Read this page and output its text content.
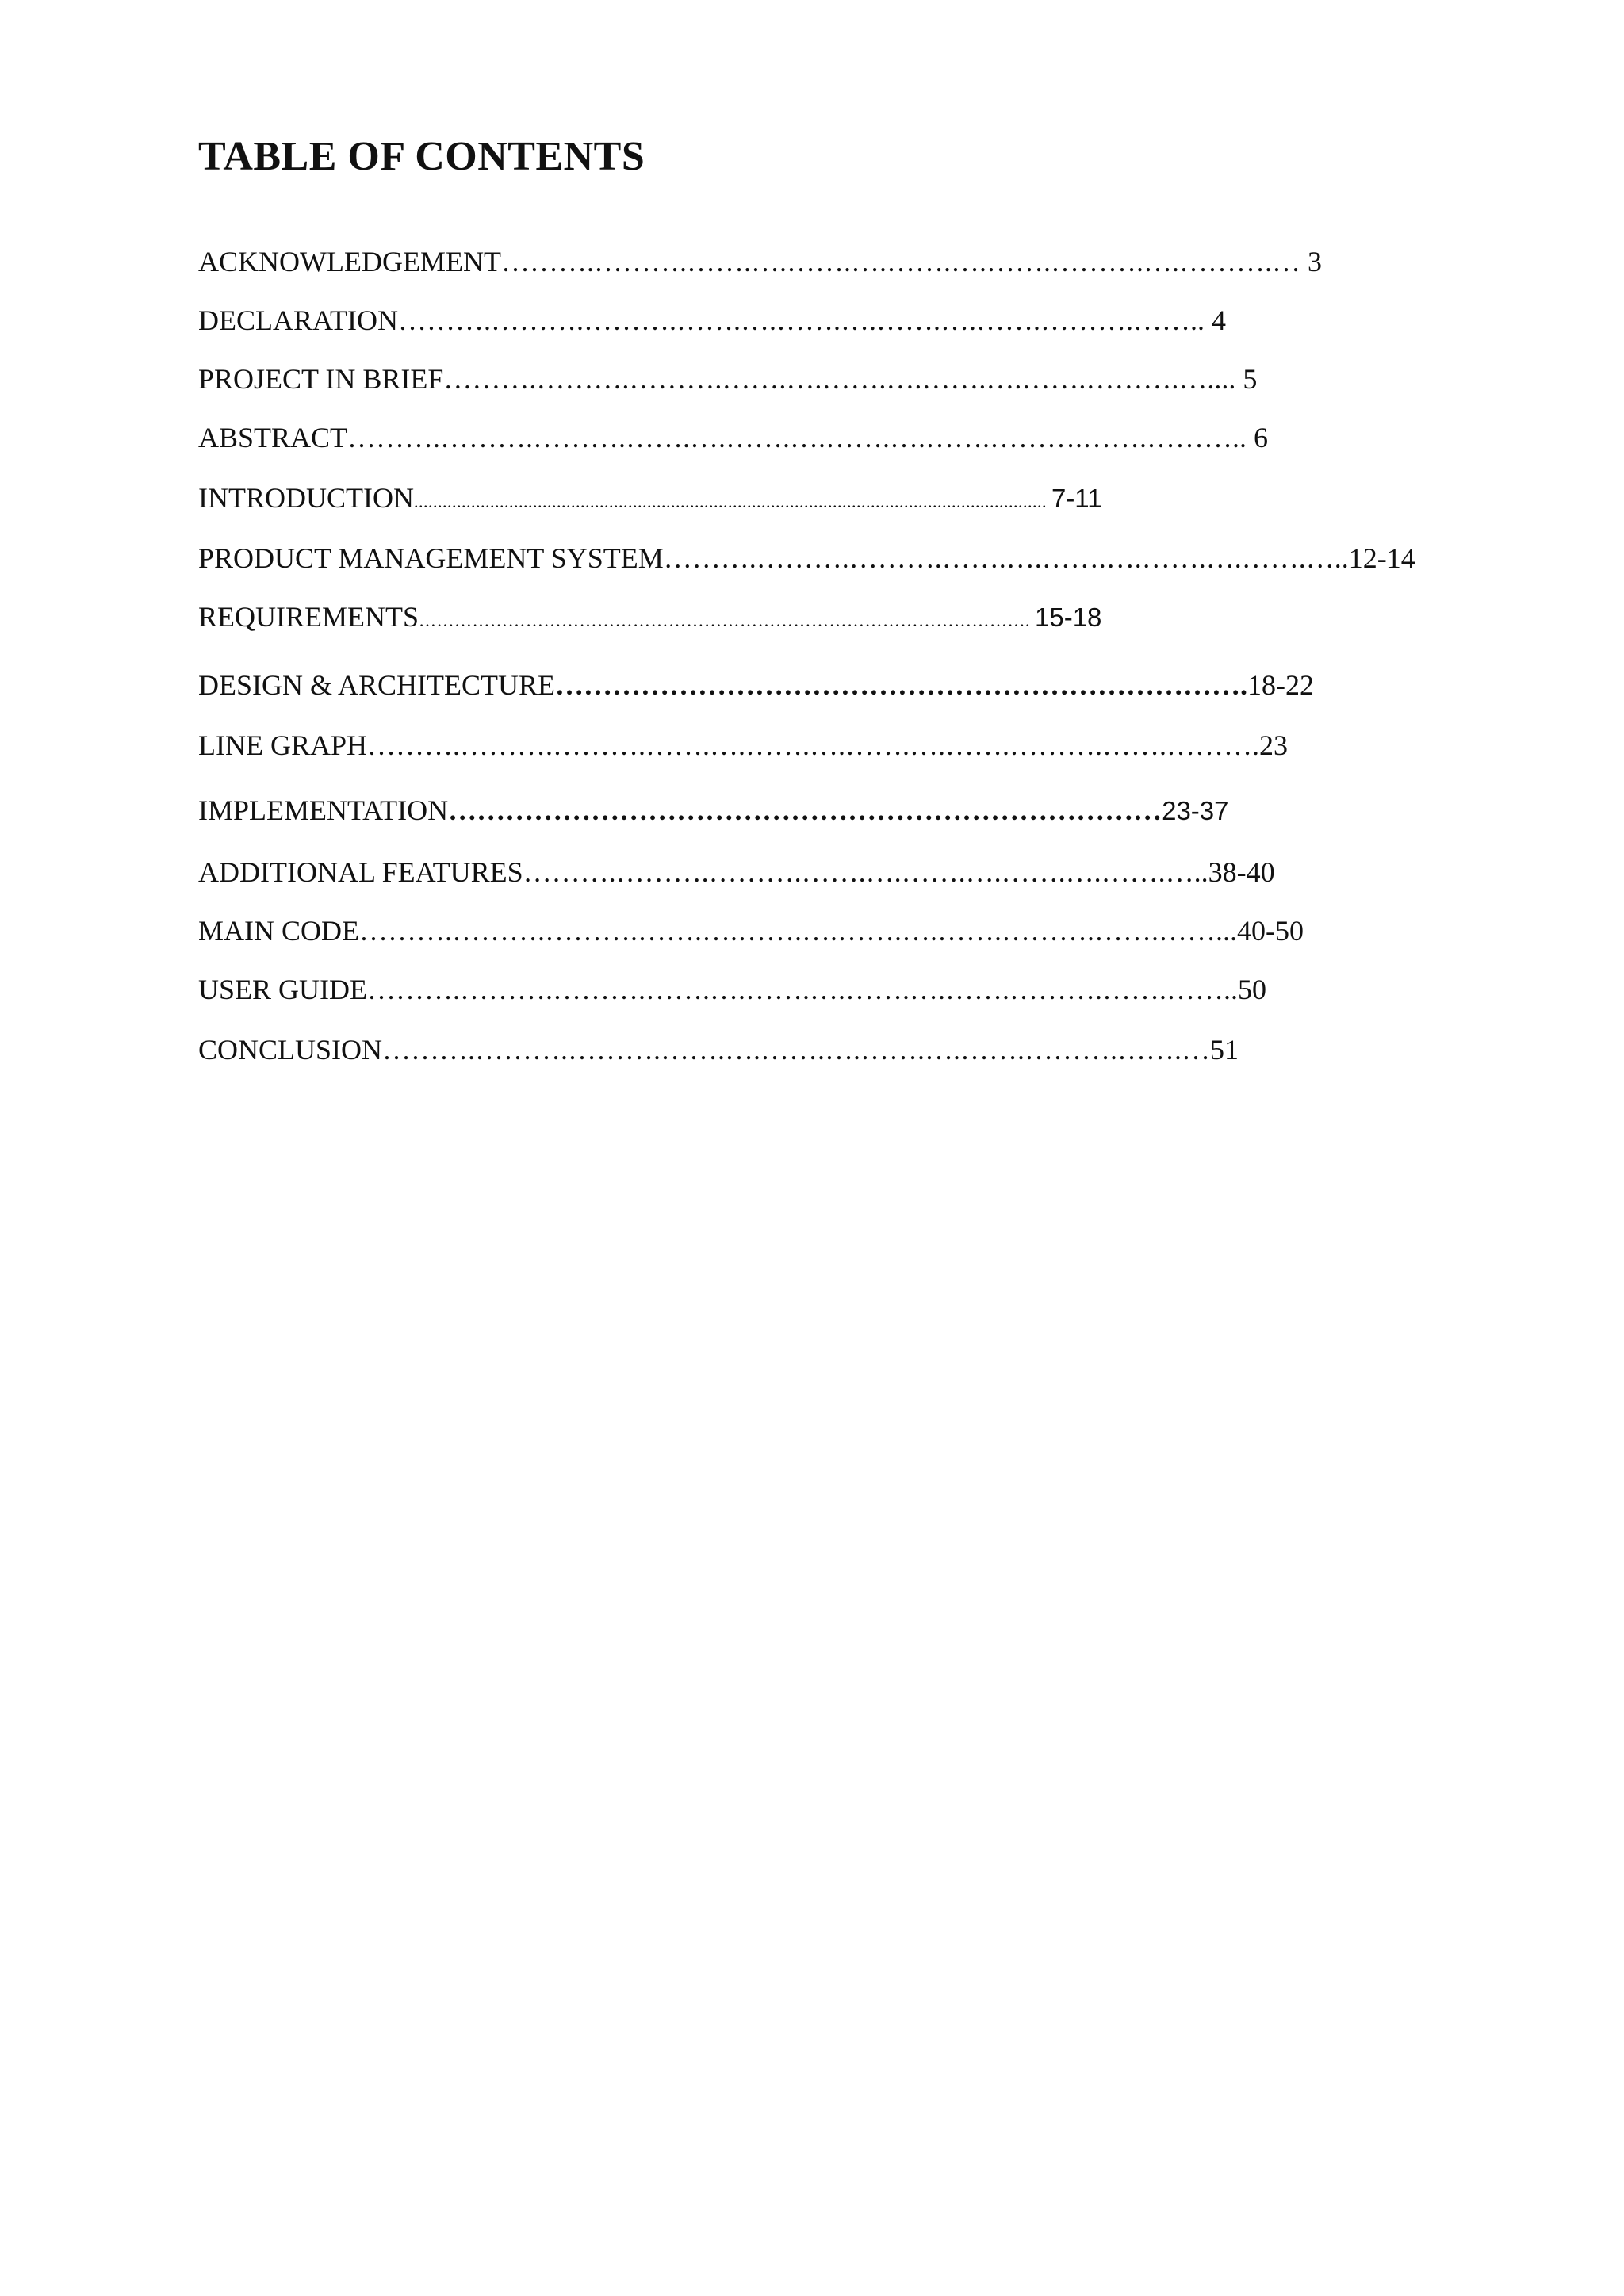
TABLE OF CONTENTS
ACKNOWLEDGEMENT……….……….…….….…….….…….….…….……….….……….… 3
DECLARATION……….……….……….…….….…….….…….….…….……….…….. 4
PROJECT IN BRIEF……….……….……….…….….…….….…….….…….……….….... 5
ABSTRACT……….……….……….…….….…….….…….….…….……….…….……….. 6
INTRODUCTION..................................................................................................................................... 7-11
PRODUCT MANAGEMENT SYSTEM……….……….……….…….….…….….…….….…….…..12-14
REQUIREMENTS…………………………………………………………………………………………. 15-18
DESIGN & ARCHITECTURE……………………………………………………………….18-22
LINE GRAPH……….……….……….…….….…….….…….….…….……….…….……….23
IMPLEMENTATION…………………………………………………………………23-37
ADDITIONAL FEATURES……….……….……….…….….…….….…….….…….…..38-40
MAIN CODE……….……….……….…….….…….….…….….…….……….…….……...40-50
USER GUIDE……….……….……….…….….…….….…….….…….……….…….……..50
CONCLUSION……….……….……….…….….…….….…….….…….……….…….…51
